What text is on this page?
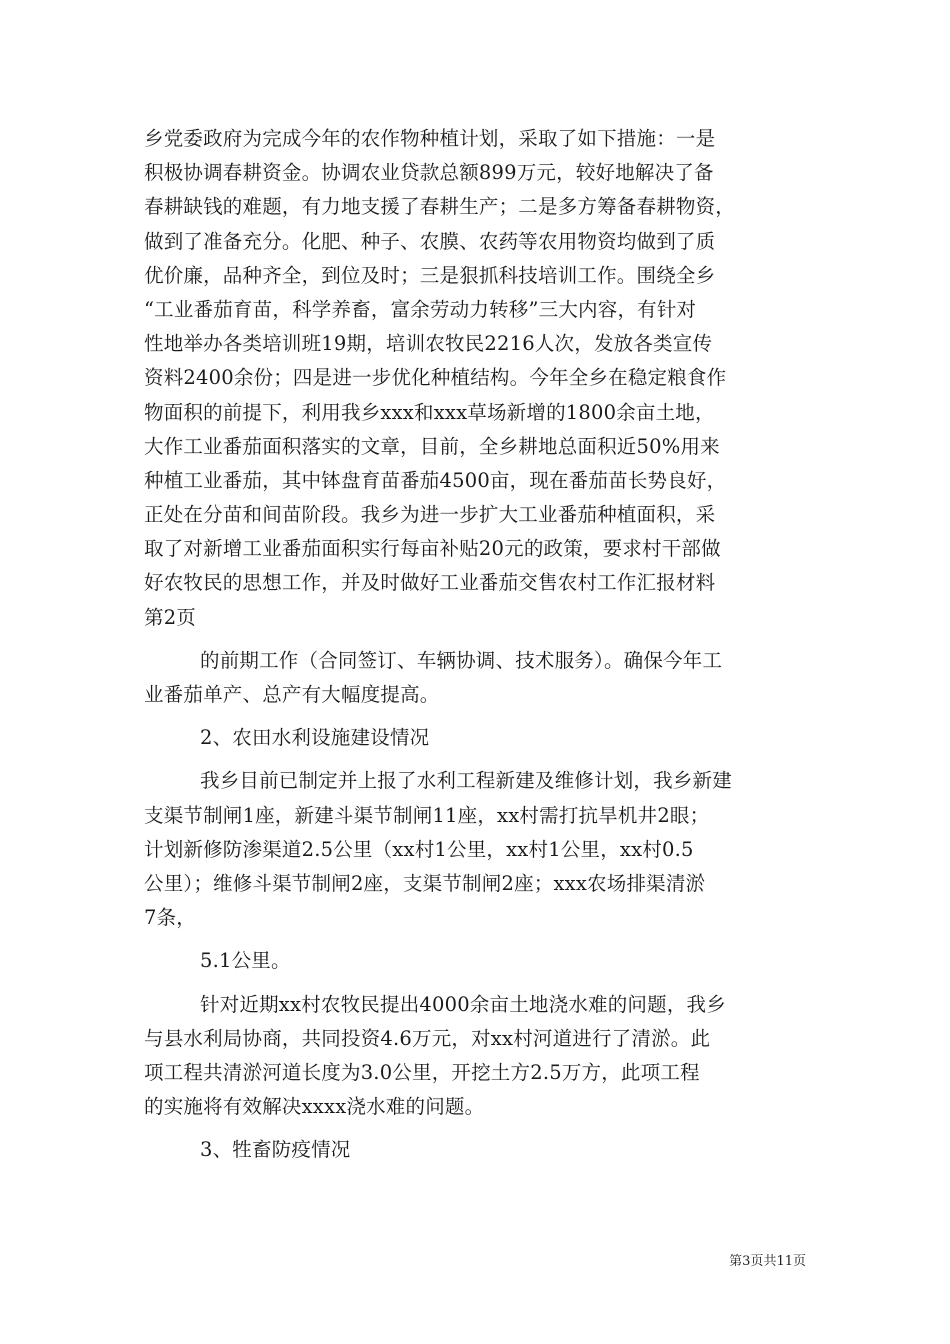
乡党委政府为完成今年的农作物种植计划，采取了如下措施：一是
积极协调春耕资金。协调农业贷款总额899万元，较好地解决了备
春耕缺钱的难题，有力地支援了春耕生产；二是多方筹备春耕物资，
做到了准备充分。化肥、种子、农膜、农药等农用物资均做到了质
优价廉，品种齐全，到位及时；三是狠抓科技培训工作。围绕全乡
“工业番茄育苗，科学养畜，富余劳动力转移”三大内容，有针对
性地举办各类培训班19期，培训农牧民2216人次，发放各类宣传
资料2400余份；四是进一步优化种植结构。今年全乡在稳定粮食作
物面积的前提下，利用我乡xxx和xxx草场新增的1800余亩土地，
大作工业番茄面积落实的文章，目前，全乡耕地总面积近50%用来
种植工业番茄，其中钵盘育苗番茄4500亩，现在番茄苗长势良好，
正处在分苗和间苗阶段。我乡为进一步扩大工业番茄种植面积，采
取了对新增工业番茄面积实行每亩补贴20元的政策，要求村干部做
好农牧民的思想工作，并及时做好工业番茄交售农村工作汇报材料
第2页
的前期工作（合同签订、车辆协调、技术服务）。确保今年工
业番茄单产、总产有大幅度提高。
2、农田水利设施建设情况
我乡目前已制定并上报了水利工程新建及维修计划，我乡新建
支渠节制闸1座，新建斗渠节制闸11座，xx村需打抗旱机井2眼；
计划新修防渗渠道2.5公里（xx村1公里，xx村1公里，xx村0.5
公里）；维修斗渠节制闸2座，支渠节制闸2座；xxx农场排渠清淤
7条，
5.1公里。
针对近期xx村农牧民提出4000余亩土地浇水难的问题，我乡
与县水利局协商，共同投资4.6万元，对xx村河道进行了清淤。此
项工程共清淤河道长度为3.0公里，开挖土方2.5万方，此项工程
的实施将有效解决xxxx浇水难的问题。
3、牲畜防疫情况
第3页共11页
